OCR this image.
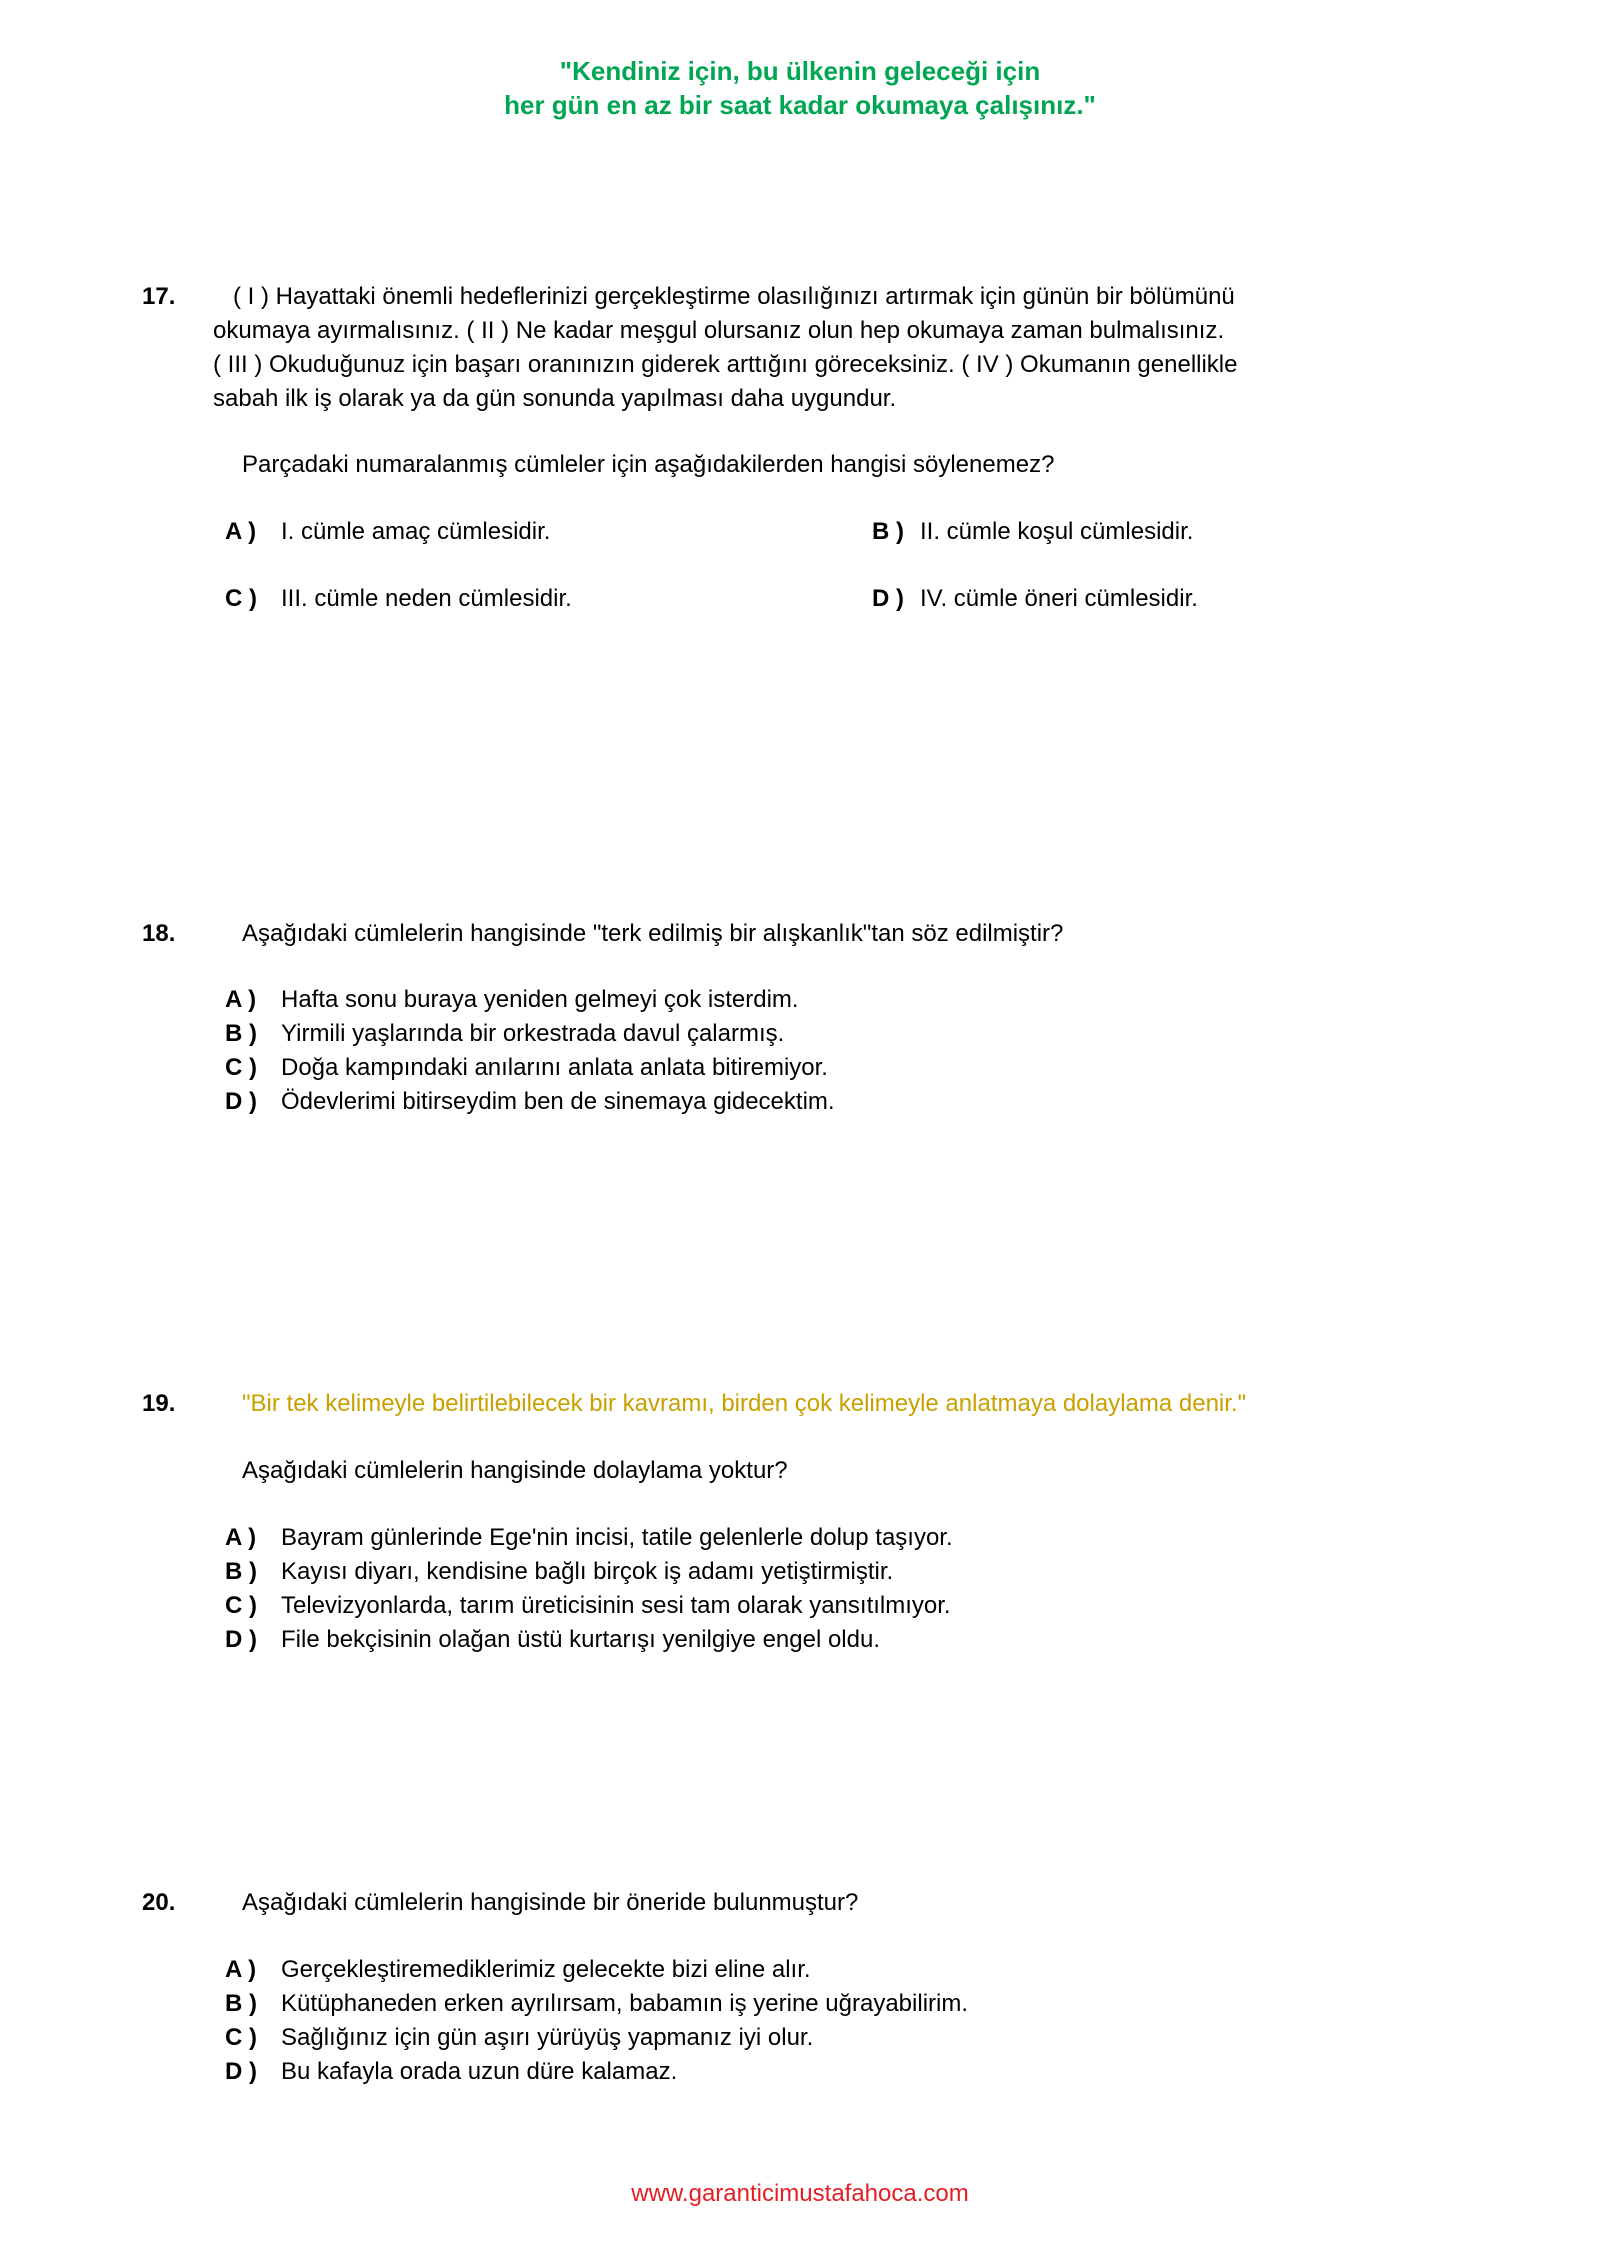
"Kendiniz için, bu ülkenin geleceği için
her gün en az bir saat kadar okumaya çalışınız."
17.	( I ) Hayattaki önemli hedeflerinizi gerçekleştirme olasılığınızı artırmak için günün bir bölümünü
okumaya ayırmalısınız. ( II ) Ne kadar meşgul olursanız olun hep okumaya zaman bulmalısınız.
( III ) Okuduğunuz için başarı oranınızın giderek arttığını göreceksiniz. ( IV ) Okumanın genellikle
sabah ilk iş olarak ya da gün sonunda yapılması daha uygundur.
Parçadaki numaralanmış cümleler için aşağıdakilerden hangisi söylenemez?
A ) I. cümle amaç cümlesidir.	B ) II. cümle koşul cümlesidir.
C ) III. cümle neden cümlesidir.	D ) IV. cümle öneri cümlesidir.
18.	Aşağıdaki cümlelerin hangisinde "terk edilmiş bir alışkanlık"tan söz edilmiştir?
A ) Hafta sonu buraya yeniden gelmeyi çok isterdim.
B ) Yirmili yaşlarında bir orkestrada davul çalarmış.
C ) Doğa kampındaki anılarını anlata anlata bitiremiyor.
D ) Ödevlerimi bitirseydim ben de sinemaya gidecektim.
19.	"Bir tek kelimeyle belirtilebilecek bir kavramı, birden çok kelimeyle anlatmaya dolaylama denir."
Aşağıdaki cümlelerin hangisinde dolaylama yoktur?
A ) Bayram günlerinde Ege'nin incisi, tatile gelenlerle dolup taşıyor.
B ) Kayısı diyarı, kendisine bağlı birçok iş adamı yetiştirmiştir.
C ) Televizyonlarda, tarım üreticisinin sesi tam olarak yansıtılmıyor.
D ) File bekçisinin olağan üstü kurtarışı yenilgiye engel oldu.
20.	Aşağıdaki cümlelerin hangisinde bir öneride bulunmuştur?
A ) Gerçekleştiremediklerimiz gelecekte bizi eline alır.
B ) Kütüphaneden erken ayrılırsam, babamın iş yerine uğrayabilirim.
C ) Sağlığınız için gün aşırı yürüyüş yapmanız iyi olur.
D ) Bu kafayla orada uzun düre kalamaz.
www.garanticimustafahoca.com
